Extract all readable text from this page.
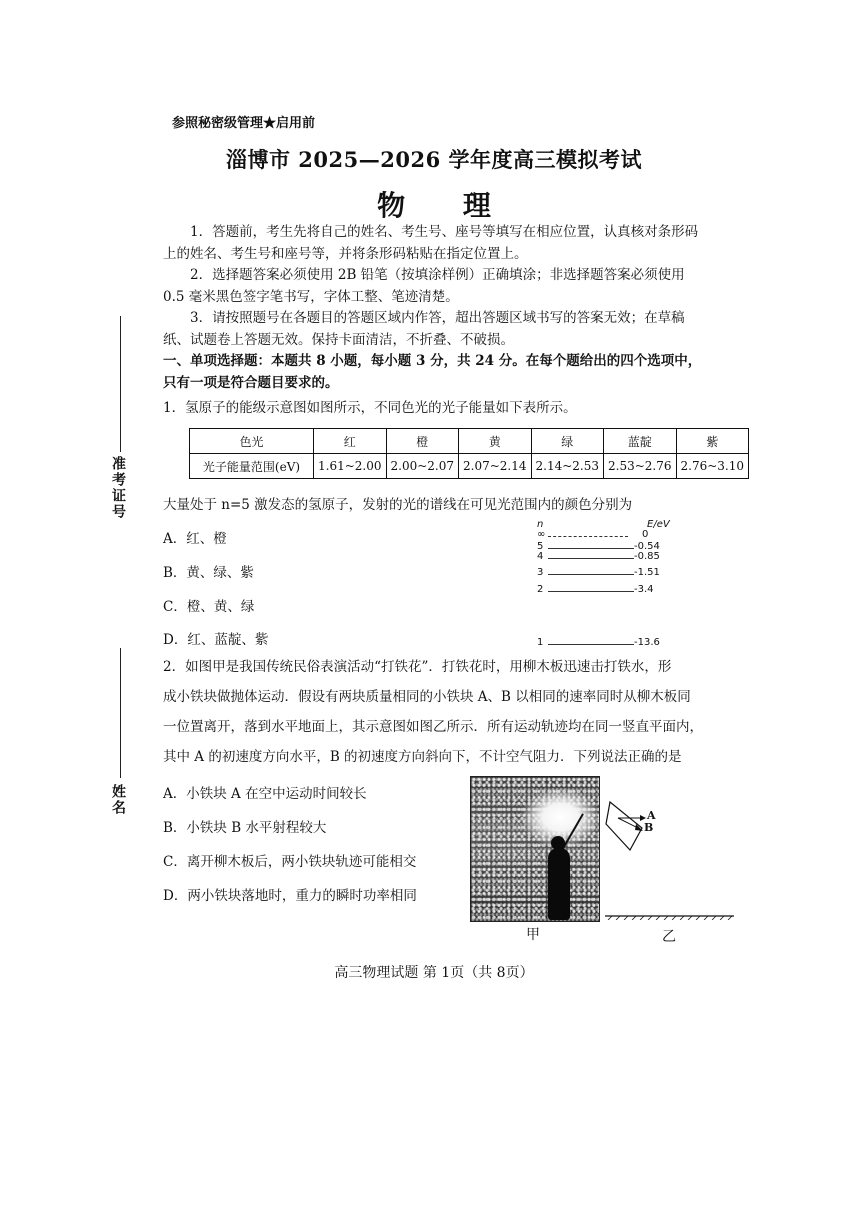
参照秘密级管理★启用前
淄博市 2025—2026 学年度高三模拟考试
物 理
1．答题前，考生先将自己的姓名、考生号、座号等填写在相应位置，认真核对条形码上的姓名、考生号和座号等，并将条形码粘贴在指定位置上。
2．选择题答案必须使用 2B 铅笔（按填涂样例）正确填涂；非选择题答案必须使用 0.5 毫米黑色签字笔书写，字体工整、笔迹清楚。
3．请按照题号在各题目的答题区域内作答，超出答题区域书写的答案无效；在草稿纸、试题卷上答题无效。保持卡面清洁，不折叠、不破损。
一、单项选择题：本题共 8 小题，每小题 3 分，共 24 分。在每个题给出的四个选项中，
只有一项是符合题目要求的。
准考证号
姓名
1．氢原子的能级示意图如图所示，不同色光的光子能量如下表所示。
色光	红	橙	黄	绿	蓝靛	紫
光子能量范围(eV)	1.61~2.00	2.00~2.07	2.07~2.14	2.14~2.53	2.53~2.76	2.76~3.10
大量处于 n=5 激发态的氢原子，发射的光的谱线在可见光范围内的颜色分别为
A．红、橙
B．黄、绿、紫
C．橙、黄、绿
D．红、蓝靛、紫
n	E/eV
∞	0
5	-0.54
4	-0.85
3	-1.51
2	-3.4
1	-13.6
2．如图甲是我国传统民俗表演活动“打铁花”．打铁花时，用柳木板迅速击打铁水，形
成小铁块做抛体运动．假设有两块质量相同的小铁块 A、B 以相同的速率同时从柳木板同
一位置离开，落到水平地面上，其示意图如图乙所示．所有运动轨迹均在同一竖直平面内，
其中 A 的初速度方向水平，B 的初速度方向斜向下，不计空气阻力．下列说法正确的是
A．小铁块 A 在空中运动时间较长
B．小铁块 B 水平射程较大
C．离开柳木板后，两小铁块轨迹可能相交
D．两小铁块落地时，重力的瞬时功率相同
甲
A
B
乙
高三物理试题 第 1页（共 8页）
